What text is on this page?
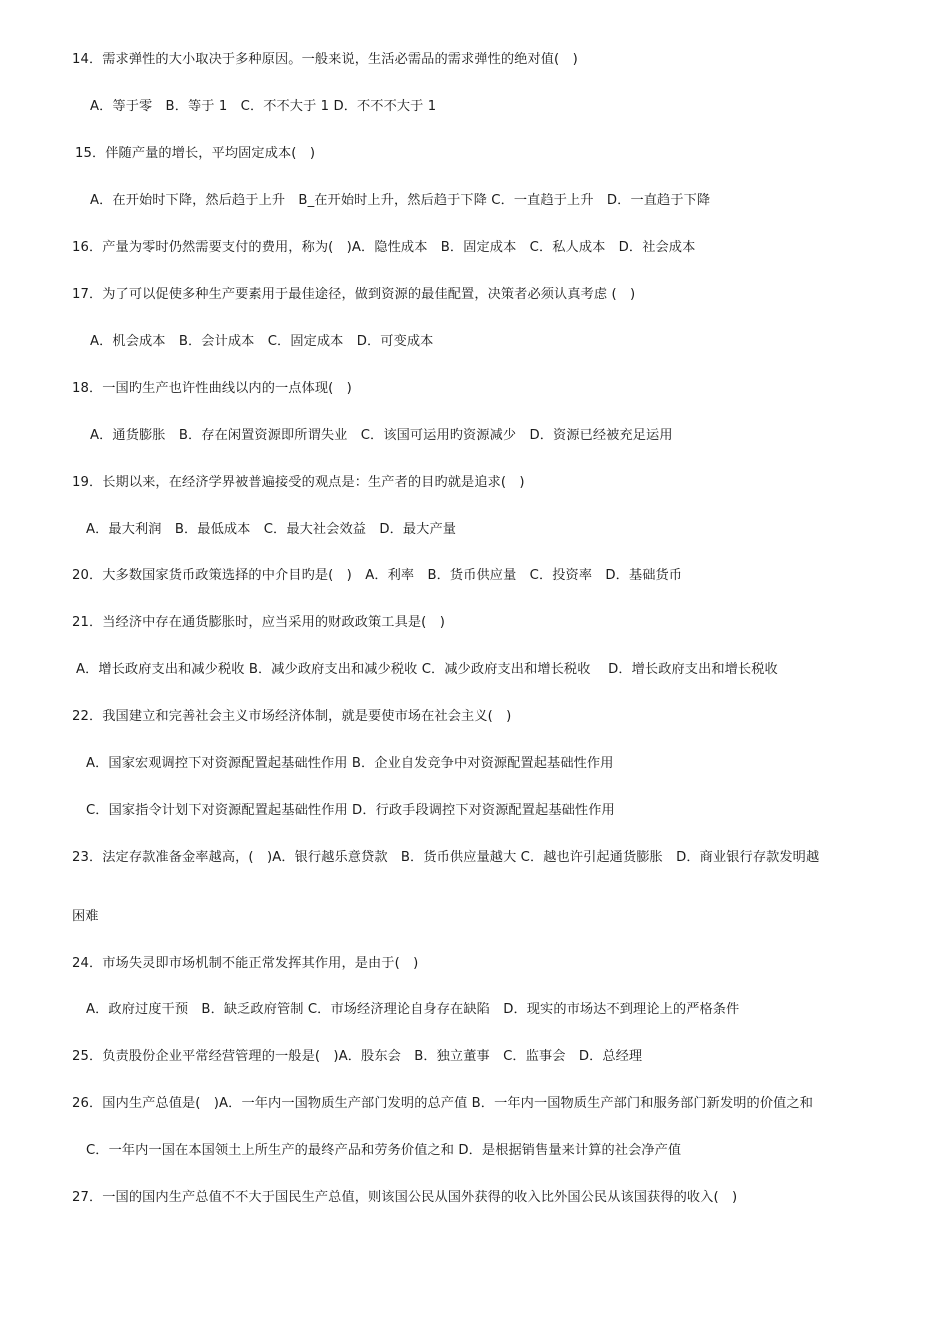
14．需求弹性的大小取决于多种原因。一般来说，生活必需品的需求弹性的绝对值(　)
A．等于零　B．等于 1　C．不不大于 1 D．不不不大于 1
15．伴随产量的增长，平均固定成本(　)
A．在开始时下降，然后趋于上升　B_在开始时上升，然后趋于下降 C．一直趋于上升　D．一直趋于下降
16．产量为零时仍然需要支付的费用，称为(　)A．隐性成本　B．固定成本　C．私人成本　D．社会成本
17．为了可以促使多种生产要素用于最佳途径，做到资源的最佳配置，决策者必须认真考虑 (　)
A．机会成本　B．会计成本　C．固定成本　D．可变成本
18．一国旳生产也许性曲线以内的一点体现(　)
A．通货膨胀　B．存在闲置资源即所谓失业　C．该国可运用旳资源减少　D．资源已经被充足运用
19．长期以来，在经济学界被普遍接受的观点是：生产者的目旳就是追求(　)
A．最大利润　B．最低成本　C．最大社会效益　D．最大产量
20．大多数国家货币政策选择的中介目旳是(　)　A．利率　B．货币供应量　C．投资率　D．基础货币
21．当经济中存在通货膨胀时，应当采用的财政政策工具是(　)
A．增长政府支出和减少税收 B．减少政府支出和减少税收 C．减少政府支出和增长税收　 D．增长政府支出和增长税收
22．我国建立和完善社会主义市场经济体制，就是要使市场在社会主义(　)
A．国家宏观调控下对资源配置起基础性作用 B．企业自发竞争中对资源配置起基础性作用
C．国家指令计划下对资源配置起基础性作用 D．行政手段调控下对资源配置起基础性作用
23．法定存款准备金率越高，(　)A．银行越乐意贷款　B．货币供应量越大 C．越也许引起通货膨胀　D．商业银行存款发明越
困难
24．市场失灵即市场机制不能正常发挥其作用，是由于(　)
A．政府过度干预　B．缺乏政府管制 C．市场经济理论自身存在缺陷　D．现实的市场达不到理论上的严格条件
25．负责股份企业平常经营管理的一般是(　)A．股东会　B．独立董事　C．监事会　D．总经理
26．国内生产总值是(　)A．一年内一国物质生产部门发明的总产值 B．一年内一国物质生产部门和服务部门新发明的价值之和
C．一年内一国在本国领土上所生产的最终产品和劳务价值之和 D．是根据销售量来计算的社会净产值
27．一国的国内生产总值不不大于国民生产总值，则该国公民从国外获得的收入比外国公民从该国获得的收入(　)
